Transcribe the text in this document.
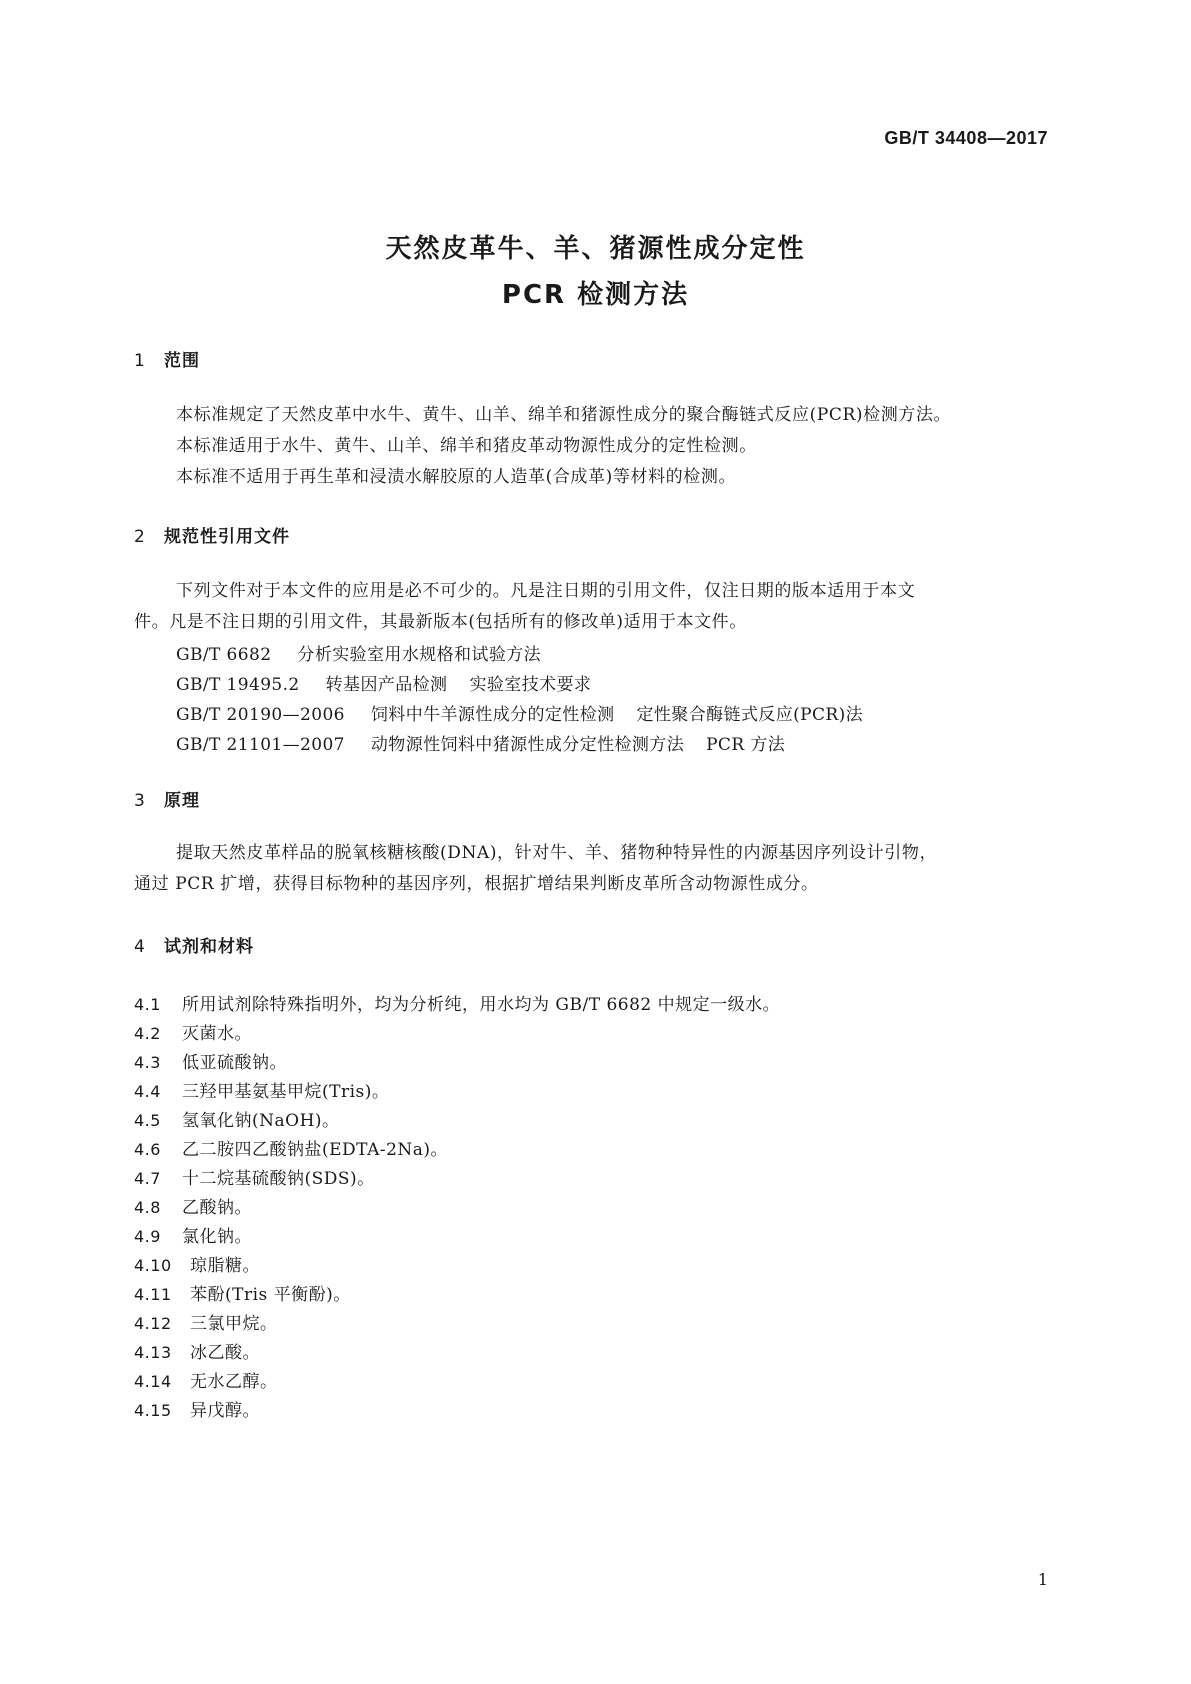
GB/T 34408—2017
天然皮革牛、羊、猪源性成分定性
PCR 检测方法
1 范围

本标准规定了天然皮革中水牛、黄牛、山羊、绵羊和猪源性成分的聚合酶链式反应(PCR)检测方法。

本标准适用于水牛、黄牛、山羊、绵羊和猪皮革动物源性成分的定性检测。

本标准不适用于再生革和浸渍水解胶原的人造革(合成革)等材料的检测。

2 规范性引用文件

下列文件对于本文件的应用是必不可少的。凡是注日期的引用文件，仅注日期的版本适用于本文

件。凡是不注日期的引用文件，其最新版本(包括所有的修改单)适用于本文件。

GB/T 6682 分析实验室用水规格和试验方法
GB/T 19495.2 转基因产品检测 实验室技术要求
GB/T 20190—2006 饲料中牛羊源性成分的定性检测 定性聚合酶链式反应(PCR)法
GB/T 21101—2007 动物源性饲料中猪源性成分定性检测方法 PCR 方法
3 原理

提取天然皮革样品的脱氧核糖核酸(DNA)，针对牛、羊、猪物种特异性的内源基因序列设计引物，

通过 PCR 扩增，获得目标物种的基因序列，根据扩增结果判断皮革所含动物源性成分。

4 试剂和材料
4.1 所用试剂除特殊指明外，均为分析纯，用水均为 GB/T 6682 中规定一级水。
4.2 灭菌水。
4.3 低亚硫酸钠。
4.4 三羟甲基氨基甲烷(Tris)。
4.5 氢氧化钠(NaOH)。
4.6 乙二胺四乙酸钠盐(EDTA-2Na)。
4.7 十二烷基硫酸钠(SDS)。
4.8 乙酸钠。
4.9 氯化钠。
4.10 琼脂糖。
4.11 苯酚(Tris 平衡酚)。
4.12 三氯甲烷。
4.13 冰乙酸。
4.14 无水乙醇。
4.15 异戊醇。
1
